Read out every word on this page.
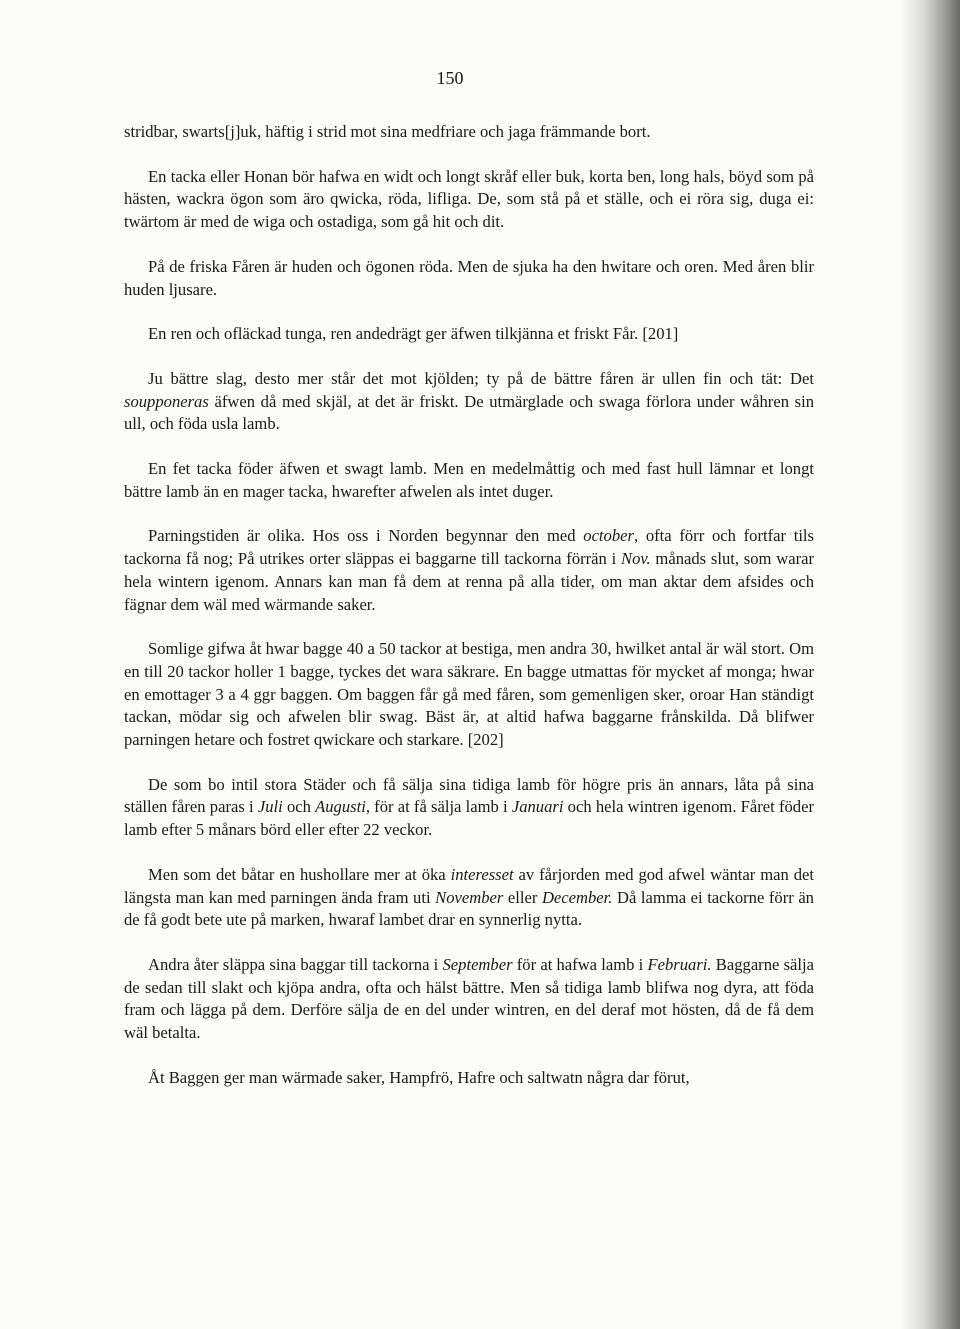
150

stridbar, swarts[j]uk, häftig i strid mot sina medfriare och jaga främmande bort.

En tacka eller Honan bör hafwa en widt och longt skråf eller buk, korta ben, long hals, böyd som på hästen, wackra ögon som äro qwicka, röda, lifliga. De, som stå på et ställe, och ei röra sig, duga ei: twärtom är med de wiga och ostadiga, som gå hit och dit.

På de friska Fåren är huden och ögonen röda. Men de sjuka ha den hwitare och oren. Med åren blir huden ljusare.

En ren och ofläckad tunga, ren andedrägt ger äfwen tilkjänna et friskt Får. [201]

Ju bättre slag, desto mer står det mot kjölden; ty på de bättre fåren är ullen fin och tät: Det soupponeras äfwen då med skjäl, at det är friskt. De utmärglade och swaga förlora under wåhren sin ull, och föda usla lamb.

En fet tacka föder äfwen et swagt lamb. Men en medelmåttig och med fast hull lämnar et longt bättre lamb än en mager tacka, hwarefter afwelen als intet duger.

Parningstiden är olika. Hos oss i Norden begynnar den med october, ofta förr och fortfar tils tackorna få nog; På utrikes orter släppas ei baggarne till tackorna förrän i Nov. månads slut, som warar hela wintern igenom. Annars kan man få dem at renna på alla tider, om man aktar dem afsides och fägnar dem wäl med wärmande saker.

Somlige gifwa åt hwar bagge 40 a 50 tackor at bestiga, men andra 30, hwilket antal är wäl stort. Om en till 20 tackor holler 1 bagge, tyckes det wara säkrare. En bagge utmattas för mycket af monga; hwar en emottager 3 a 4 ggr baggen. Om baggen får gå med fåren, som gemenligen sker, oroar Han ständigt tackan, mödar sig och afwelen blir swag. Bäst är, at altid hafwa baggarne frånskilda. Då blifwer parningen hetare och fostret qwickare och starkare. [202]

De som bo intil stora Städer och få sälja sina tidiga lamb för högre pris än annars, låta på sina ställen fåren paras i Juli och Augusti, för at få sälja lamb i Januari och hela wintren igenom. Fåret föder lamb efter 5 månars börd eller efter 22 veckor.

Men som det båtar en hushollare mer at öka interesset av fårjorden med god afwel wäntar man det längsta man kan med parningen ända fram uti November eller December. Då lamma ei tackorne förr än de få godt bete ute på marken, hwaraf lambet drar en synnerlig nytta.

Andra åter släppa sina baggar till tackorna i September för at hafwa lamb i Februari. Baggarne sälja de sedan till slakt och kjöpa andra, ofta och hälst bättre. Men så tidiga lamb blifwa nog dyra, att föda fram och lägga på dem. Derföre sälja de en del under wintren, en del deraf mot hösten, då de få dem wäl betalta.

Åt Baggen ger man wärmade saker, Hampfrö, Hafre och saltwatn några dar förut,
